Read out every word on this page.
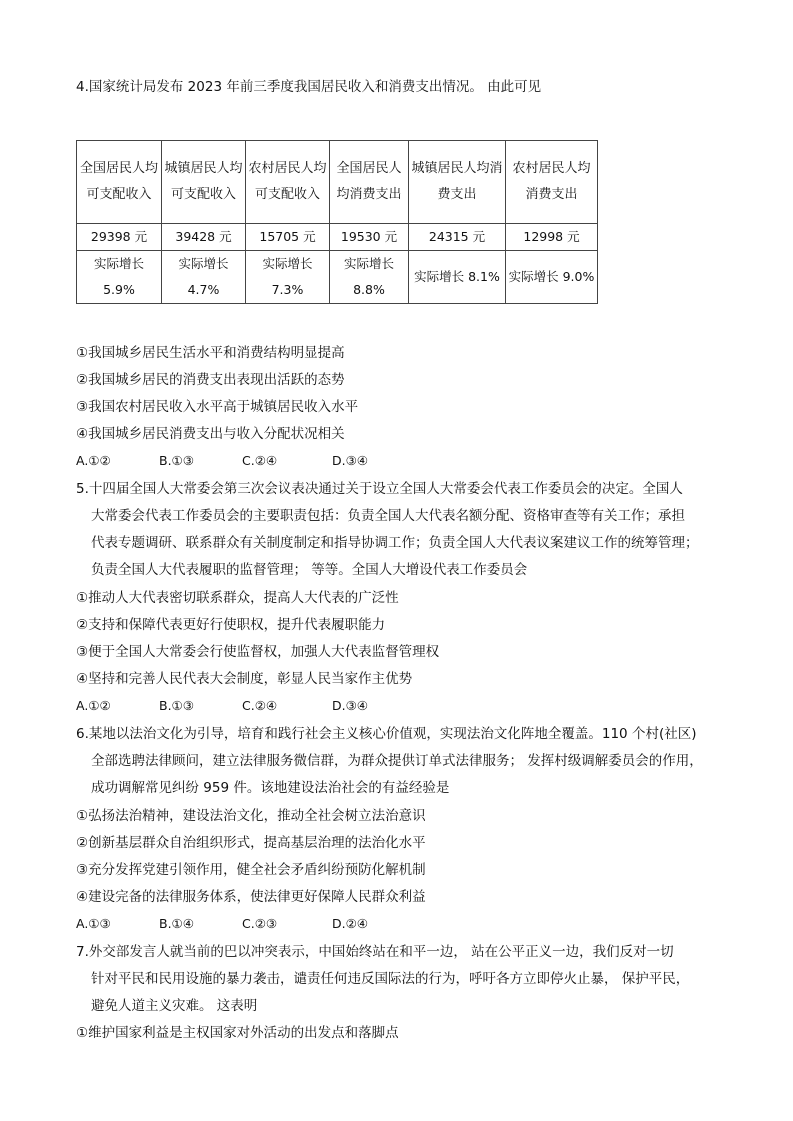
4.国家统计局发布 2023 年前三季度我国居民收入和消费支出情况。 由此可见
全国居民人均可支配收入	城镇居民人均可支配收入	农村居民人均可支配收入	全国居民人均消费支出	城镇居民人均消费支出	农村居民人均消费支出
29398 元	39428 元	15705 元	19530 元	24315 元	12998 元
实际增长 5.9%	实际增长 4.7%	实际增长 7.3%	实际增长 8.8%	实际增长 8.1%	实际增长 9.0%
①我国城乡居民生活水平和消费结构明显提高
②我国城乡居民的消费支出表现出活跃的态势
③我国农村居民收入水平高于城镇居民收入水平
④我国城乡居民消费支出与收入分配状况相关
A.①②	B.①③	C.②④	D.③④
5.十四届全国人大常委会第三次会议表决通过关于设立全国人大常委会代表工作委员会的决定。全国人
大常委会代表工作委员会的主要职责包括：负责全国人大代表名额分配、资格审查等有关工作；承担
代表专题调研、联系群众有关制度制定和指导协调工作；负责全国人大代表议案建议工作的统筹管理；
负责全国人大代表履职的监督管理； 等等。全国人大增设代表工作委员会
①推动人大代表密切联系群众，提高人大代表的广泛性
②支持和保障代表更好行使职权，提升代表履职能力
③便于全国人大常委会行使监督权，加强人大代表监督管理权
④坚持和完善人民代表大会制度，彰显人民当家作主优势
A.①②	B.①③	C.②④	D.③④
6.某地以法治文化为引导，培育和践行社会主义核心价值观，实现法治文化阵地全覆盖。110 个村(社区)
全部选聘法律顾问，建立法律服务微信群，为群众提供订单式法律服务； 发挥村级调解委员会的作用，
成功调解常见纠纷 959 件。该地建设法治社会的有益经验是
①弘扬法治精神，建设法治文化，推动全社会树立法治意识
②创新基层群众自治组织形式，提高基层治理的法治化水平
③充分发挥党建引领作用，健全社会矛盾纠纷预防化解机制
④建设完备的法律服务体系，使法律更好保障人民群众利益
A.①③	B.①④	C.②③	D.②④
7.外交部发言人就当前的巴以冲突表示，中国始终站在和平一边， 站在公平正义一边，我们反对一切
针对平民和民用设施的暴力袭击，谴责任何违反国际法的行为，呼吁各方立即停火止暴， 保护平民，
避免人道主义灾难。 这表明
①维护国家利益是主权国家对外活动的出发点和落脚点
